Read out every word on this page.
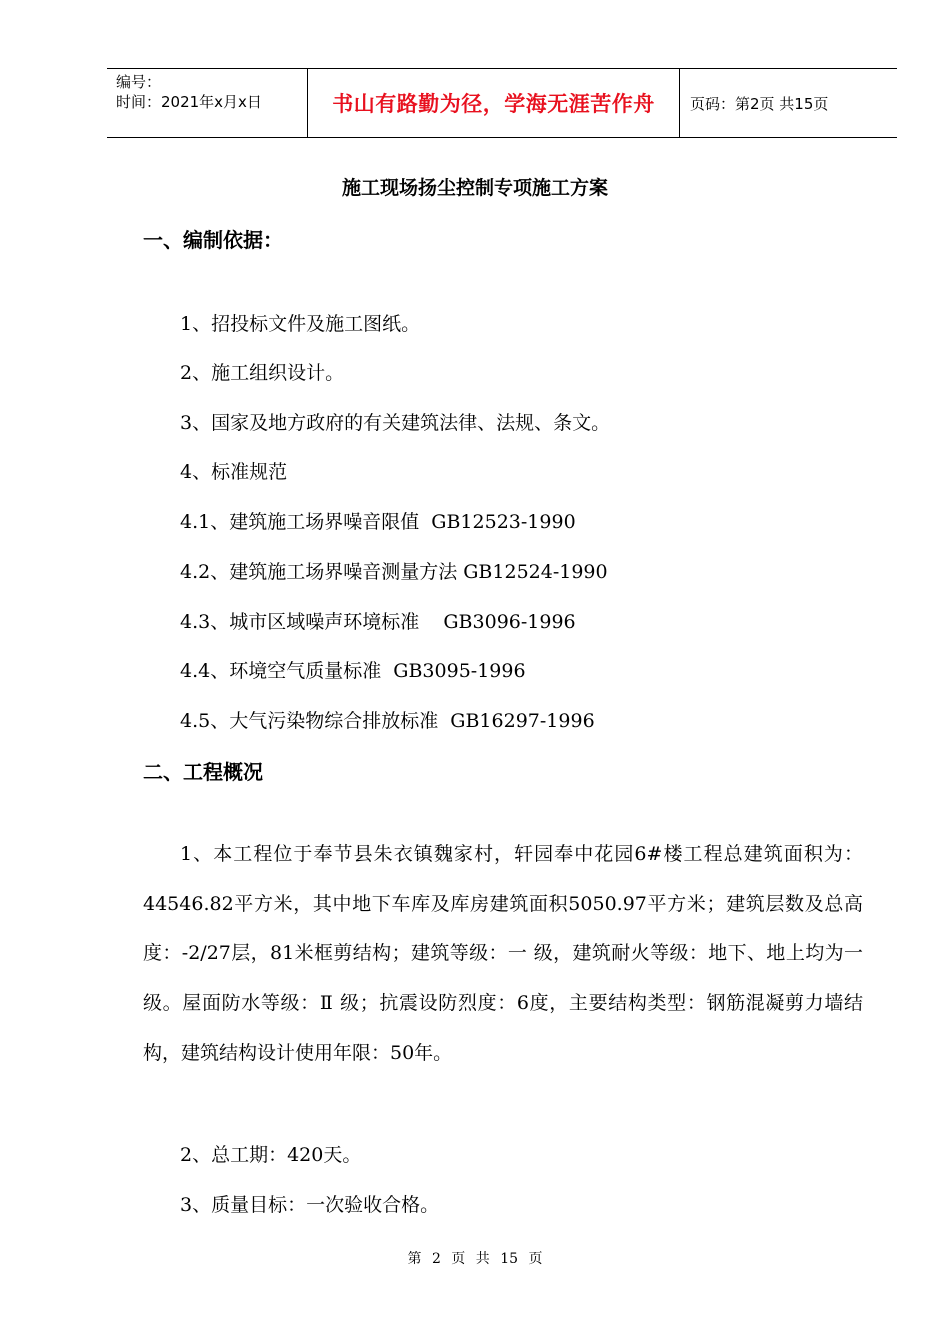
编号：
时间：2021年x月x日	书山有路勤为径，学海无涯苦作舟 页码：第2页 共15页
施工现场扬尘控制专项施工方案
一、编制依据：
1、招投标文件及施工图纸。
2、施工组织设计。
3、国家及地方政府的有关建筑法律、法规、条文。
4、标准规范
4.1、建筑施工场界噪音限值  GB12523-1990
4.2、建筑施工场界噪音测量方法 GB12524-1990
4.3、城市区域噪声环境标准    GB3096-1996
4.4、环境空气质量标准  GB3095-1996
4.5、大气污染物综合排放标准  GB16297-1996
二、工程概况
1、本工程位于奉节县朱衣镇魏家村，轩园奉中花园6#楼工程总建筑面积为：44546.82平方米，其中地下车库及库房建筑面积5050.97平方米；建筑层数及总高度：-2/27层，81米框剪结构；建筑等级：一 级，建筑耐火等级：地下、地上均为一级。屋面防水等级：Ⅱ 级；抗震设防烈度：6度，主要结构类型：钢筋混凝剪力墙结构，建筑结构设计使用年限：50年。
2、总工期：420天。
3、质量目标：一次验收合格。
第 2 页 共 15 页
